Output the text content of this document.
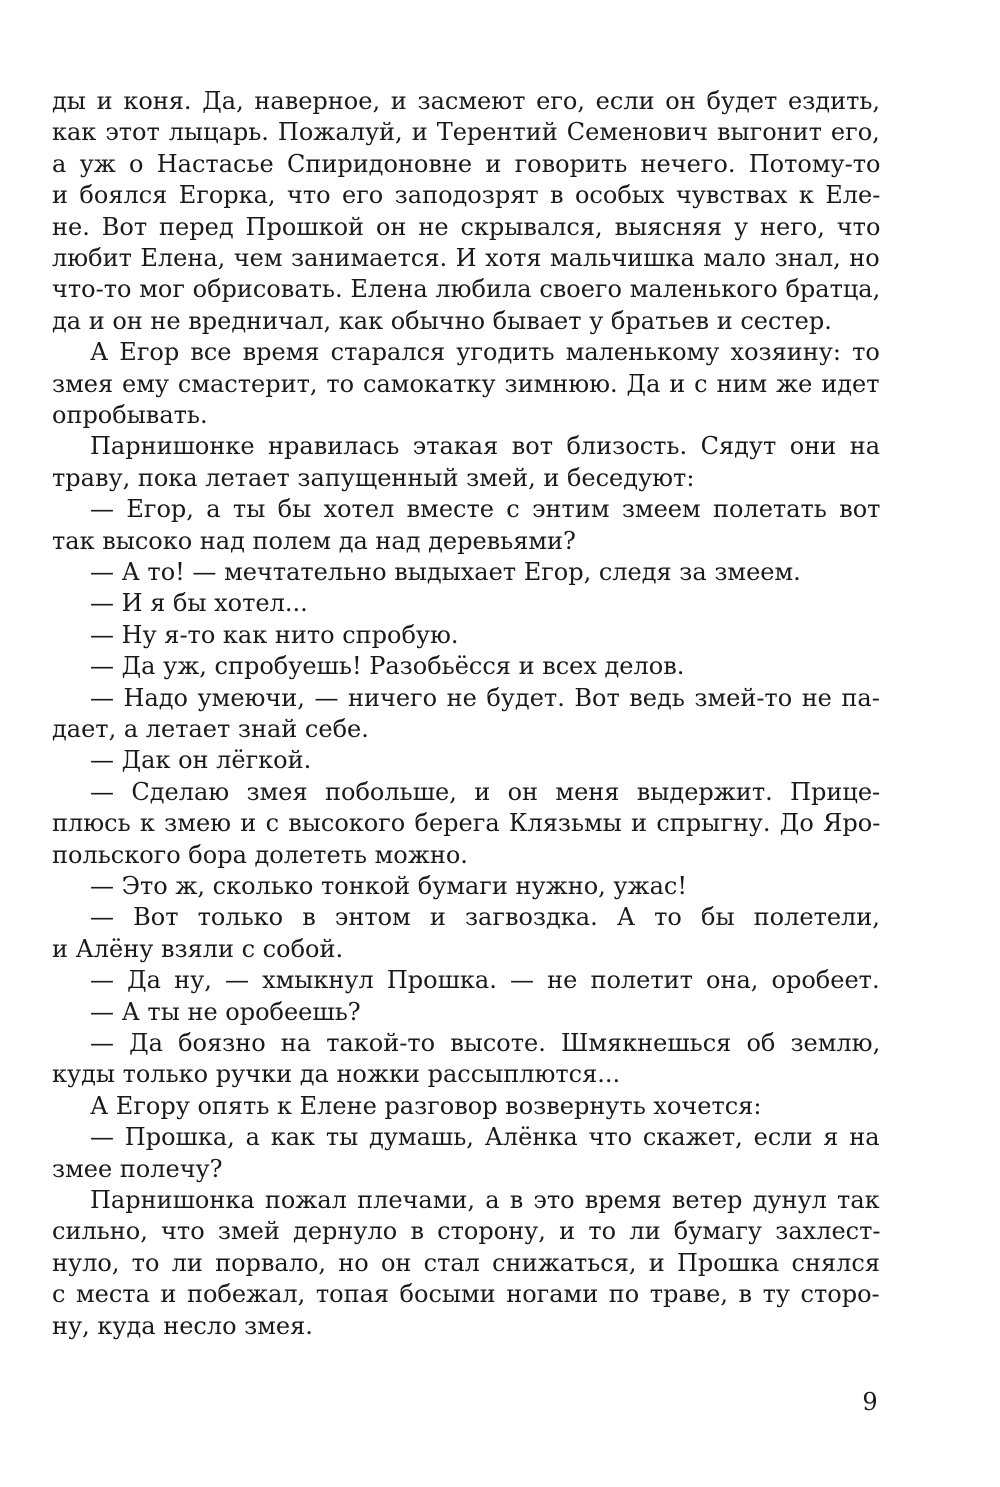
ды и коня. Да, наверное, и засмеют его, если он будет ездить,
как этот лыцарь. Пожалуй, и Терентий Семенович выгонит его,
а уж о Настасье Спиридоновне и говорить нечего. Потому-то
и боялся Егорка, что его заподозрят в особых чувствах к Еле-
не. Вот перед Прошкой он не скрывался, выясняя у него, что
любит Елена, чем занимается. И хотя мальчишка мало знал, но
что-то мог обрисовать. Елена любила своего маленького братца,
да и он не вредничал, как обычно бывает у братьев и сестер.
А Егор все время старался угодить маленькому хозяину: то
змея ему смастерит, то самокатку зимнюю. Да и с ним же идет
опробывать.
Парнишонке нравилась этакая вот близость. Сядут они на
траву, пока летает запущенный змей, и беседуют:
— Егор, а ты бы хотел вместе с энтим змеем полетать вот
так высоко над полем да над деревьями?
— А то! — мечтательно выдыхает Егор, следя за змеем.
— И я бы хотел...
— Ну я-то как нито спробую.
— Да уж, спробуешь! Разобьёсся и всех делов.
— Надо умеючи, — ничего не будет. Вот ведь змей-то не па-
дает, а летает знай себе.
— Дак он лёгкой.
— Сделаю змея побольше, и он меня выдержит. Прице-
плюсь к змею и с высокого берега Клязьмы и спрыгну. До Яро-
польского бора долететь можно.
— Это ж, сколько тонкой бумаги нужно, ужас!
— Вот только в энтом и загвоздка. А то бы полетели,
и Алёну взяли с собой.
— Да ну, — хмыкнул Прошка. — не полетит она, оробеет.
— А ты не оробеешь?
— Да боязно на такой-то высоте. Шмякнешься об землю,
куды только ручки да ножки рассыплются...
А Егору опять к Елене разговор возвернуть хочется:
— Прошка, а как ты думашь, Алёнка что скажет, если я на
змее полечу?
Парнишонка пожал плечами, а в это время ветер дунул так
сильно, что змей дернуло в сторону, и то ли бумагу захлест-
нуло, то ли порвало, но он стал снижаться, и Прошка снялся
с места и побежал, топая босыми ногами по траве, в ту сторо-
ну, куда несло змея.
9
